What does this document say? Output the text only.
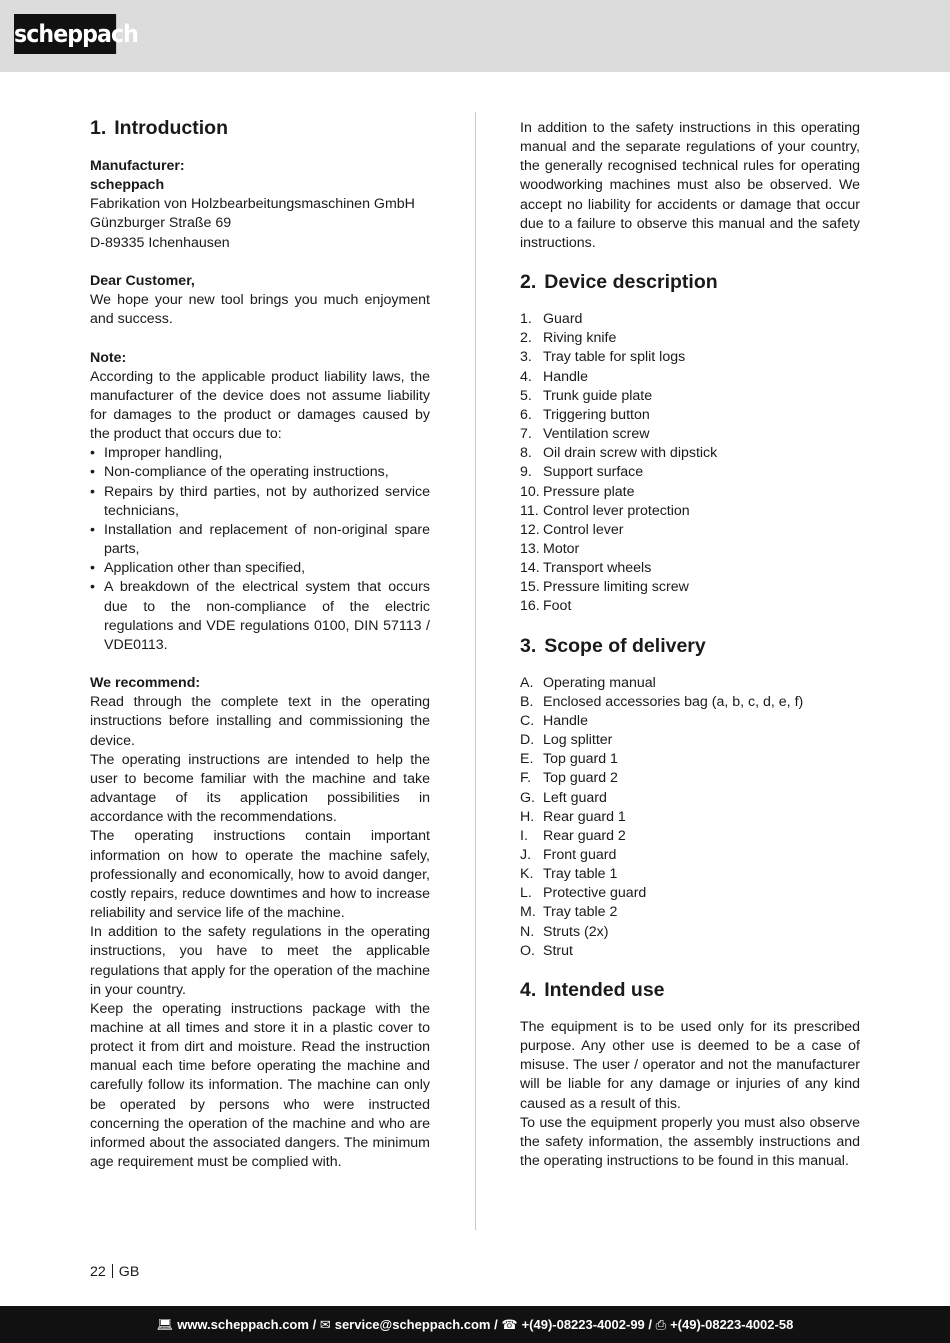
scheppach
1. Introduction

Manufacturer:

scheppach

Fabrikation von Holzbearbeitungsmaschinen GmbH

Günzburger Straße 69

D-89335 Ichenhausen

Dear Customer,

We hope your new tool brings you much enjoyment and success.

Note:

According to the applicable product liability laws, the manufacturer of the device does not assume liability for damages to the product or damages caused by the product that occurs due to:

• Improper handling,
• Non-compliance of the operating instructions,
• Repairs by third parties, not by authorized service technicians,
• Installation and replacement of non-original spare parts,
• Application other than specified,
• A breakdown of the electrical system that occurs due to the non-compliance of the electric regulations and VDE regulations 0100, DIN 57113 / VDE0113.

We recommend:

Read through the complete text in the operating instructions before installing and commissioning the device.

The operating instructions are intended to help the user to become familiar with the machine and take advantage of its application possibilities in accordance with the recommendations.

The operating instructions contain important information on how to operate the machine safely, professionally and economically, how to avoid danger, costly repairs, reduce downtimes and how to increase reliability and service life of the machine.

In addition to the safety regulations in the operating instructions, you have to meet the applicable regulations that apply for the operation of the machine in your country.

Keep the operating instructions package with the machine at all times and store it in a plastic cover to protect it from dirt and moisture. Read the instruction manual each time before operating the machine and carefully follow its information. The machine can only be operated by persons who were instructed concerning the operation of the machine and who are informed about the associated dangers. The minimum age requirement must be complied with.

In addition to the safety instructions in this operating manual and the separate regulations of your country, the generally recognised technical rules for operating woodworking machines must also be observed. We accept no liability for accidents or damage that occur due to a failure to observe this manual and the safety instructions.

2. Device description
1. Guard
2. Riving knife
3. Tray table for split logs
4. Handle
5. Trunk guide plate
6. Triggering button
7. Ventilation screw
8. Oil drain screw with dipstick
9. Support surface
10. Pressure plate
11. Control lever protection
12. Control lever
13. Motor
14. Transport wheels
15. Pressure limiting screw
16. Foot
3. Scope of delivery
A. Operating manual
B. Enclosed accessories bag (a, b, c, d, e, f)
C. Handle
D. Log splitter
E. Top guard 1
F. Top guard 2
G. Left guard
H. Rear guard 1
I.	Rear guard 2
J. Front guard
K. Tray table 1
L. Protective guard
M. Tray table 2
N. Struts (2x)
O. Strut
4. Intended use

The equipment is to be used only for its prescribed purpose. Any other use is deemed to be a case of misuse. The user / operator and not the manufacturer will be liable for any damage or injuries of any kind caused as a result of this.

To use the equipment properly you must also observe the safety information, the assembly instructions and the operating instructions to be found in this manual.

22 GB
💻︎ www.scheppach.com / ✉︎ service@scheppach.com / ☎︎ +(49)-08223-4002-99 / ⎙ +(49)-08223-4002-58
